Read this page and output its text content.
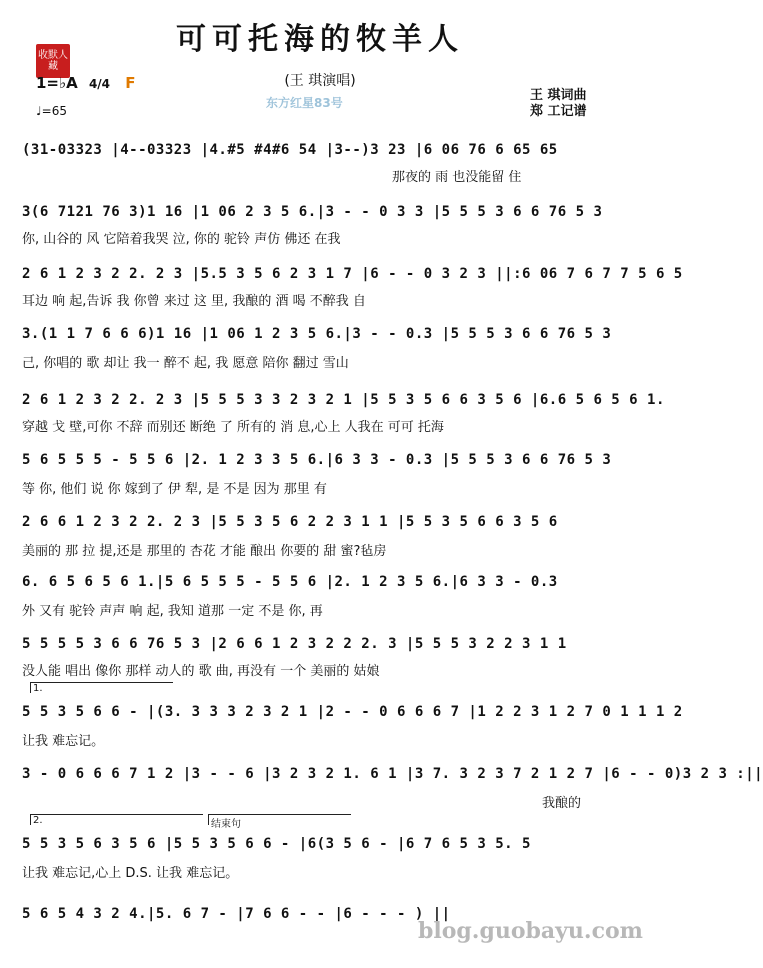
可可托海的牧羊人
收默人藏
1=♭A 4/4 F	(王 琪演唱)
东方红星83号
♩=65
王 琪词曲
郑 工记谱
(31-03323 |4--03323 |4.#5 #4#6 54 |3--)3 23 |6 06 76 6 65 65
那夜的 雨 也没能留 住
3(6 7121 76 3)1 16 |1 06 2 3 5 6.|3 - - 0 3 3 |5 5 5 3 6 6 76 5 3
你, 山谷的 风 它陪着我哭 泣, 你的 驼铃 声仿 佛还 在我
2 6 1 2 3 2 2. 2 3 |5.5 3 5 6 2 3 1 7 |6 - - 0 3 2 3 ||:6 06 7 6 7 7 5 6 5
耳边 响 起,告诉 我 你曾 来过 这 里, 我酿的 酒 喝 不醉我 自
3.(1 1 7 6 6 6)1 16 |1 06 1 2 3 5 6.|3 - - 0.3 |5 5 5 3 6 6 76 5 3
己, 你唱的 歌 却让 我一 醉不 起, 我 愿意 陪你 翻过 雪山
2 6 1 2 3 2 2. 2 3 |5 5 5 3 3 2 3 2 1 |5 5 3 5 6 6 3 5 6 |6.6 5 6 5 6 1.
穿越 戈 壁,可你 不辞 而别还 断绝 了 所有的 消 息,心上 人我在 可可 托海
5 6 5 5 5 - 5 5 6 |2. 1 2 3 3 5 6.|6 3 3 - 0.3 |5 5 5 3 6 6 76 5 3
等 你, 他们 说 你 嫁到了 伊 犁, 是 不是 因为 那里 有
2 6 6 1 2 3 2 2. 2 3 |5 5 3 5 6 2 2 3 1 1 |5 5 3 5 6 6 3 5 6
美丽的 那 拉 提,还是 那里的 杏花 才能 酿出 你要的 甜 蜜?毡房
6. 6 5 6 5 6 1.|5 6 5 5 5 - 5 5 6 |2. 1 2 3 5 6.|6 3 3 - 0.3
外 又有 驼铃 声声 响 起, 我知 道那 一定 不是 你, 再
5 5 5 5 3 6 6 76 5 3 |2 6 6 1 2 3 2 2 2. 3 |5 5 5 3 2 2 3 1 1
没人能 唱出 像你 那样 动人的 歌 曲, 再没有 一个 美丽的 姑娘
1.
5 5 3 5 6 6 - |(3. 3 3 3 2 3 2 1 |2 - - 0 6 6 6 7 |1 2 2 3 1 2 7 0 1 1 1 2
让我 难忘记。
3 - 0 6 6 6 7 1 2 |3 - - 6 |3 2 3 2 1. 6 1 |3 7. 3 2 3 7 2 1 2 7 |6 - - 0)3 2 3 :||
我酿的
2.	结束句
5 5 3 5 6 3 5 6 |5 5 3 5 6 6 - |6(3 5 6 - |6 7 6 5 3 5. 5
让我 难忘记,心上 D.S. 让我 难忘记。
5 6 5 4 3 2 4.|5. 6 7 - |7 6 6 - - |6 - - - ) ||
blog.guobayu.com
